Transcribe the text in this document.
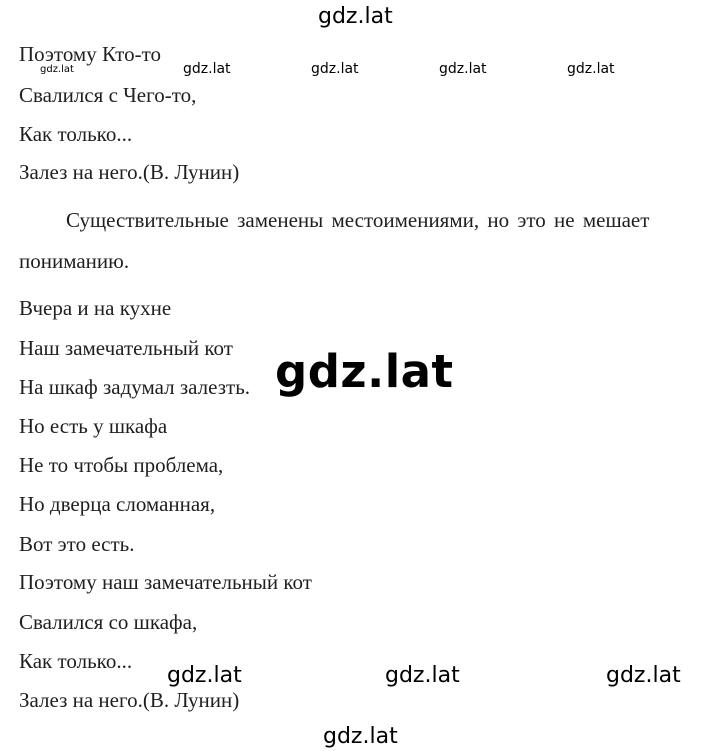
Поэтому Кто-то
Свалился с Чего-то,
Как только...
Залез на него.(В. Лунин)
Существительные заменены местоимениями, но это не мешает
пониманию.
Вчера и на кухне
Наш замечательный кот
На шкаф задумал залезть.
Но есть у шкафа
Не то чтобы проблема,
Но дверца сломанная,
Вот это есть.
Поэтому наш замечательный кот
Свалился со шкафа,
Как только...
Залез на него.(В. Лунин)
gdz.lat
gdz.lat	gdz.lat	gdz.lat	gdz.lat	gdz.lat
gdz.lat
gdz.lat	gdz.lat	gdz.lat
gdz.lat
